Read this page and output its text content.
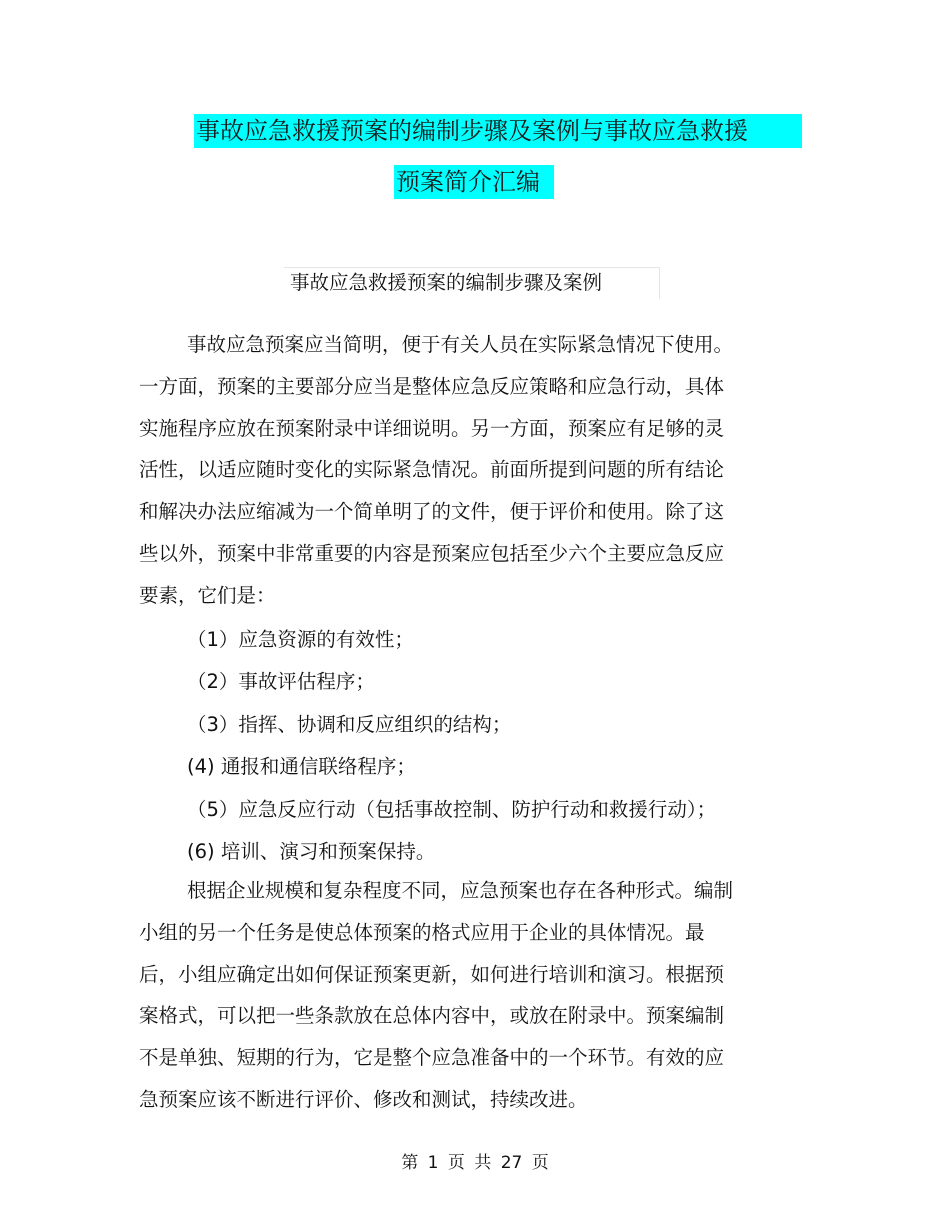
事故应急救援预案的编制步骤及案例与事故应急救援
预案简介汇编
事故应急救援预案的编制步骤及案例
事故应急预案应当简明，便于有关人员在实际紧急情况下使用。
一方面，预案的主要部分应当是整体应急反应策略和应急行动，具体
实施程序应放在预案附录中详细说明。另一方面，预案应有足够的灵
活性，以适应随时变化的实际紧急情况。前面所提到问题的所有结论
和解决办法应缩减为一个简单明了的文件，便于评价和使用。除了这
些以外，预案中非常重要的内容是预案应包括至少六个主要应急反应
要素，它们是：
（1）应急资源的有效性；
（2）事故评估程序；
（3）指挥、协调和反应组织的结构；
(4) 通报和通信联络程序；
（5）应急反应行动（包括事故控制、防护行动和救援行动）；
(6) 培训、演习和预案保持。
根据企业规模和复杂程度不同，应急预案也存在各种形式。编制
小组的另一个任务是使总体预案的格式应用于企业的具体情况。最
后，小组应确定出如何保证预案更新，如何进行培训和演习。根据预
案格式，可以把一些条款放在总体内容中，或放在附录中。预案编制
不是单独、短期的行为，它是整个应急准备中的一个环节。有效的应
急预案应该不断进行评价、修改和测试，持续改进。
第 1 页 共 27 页
